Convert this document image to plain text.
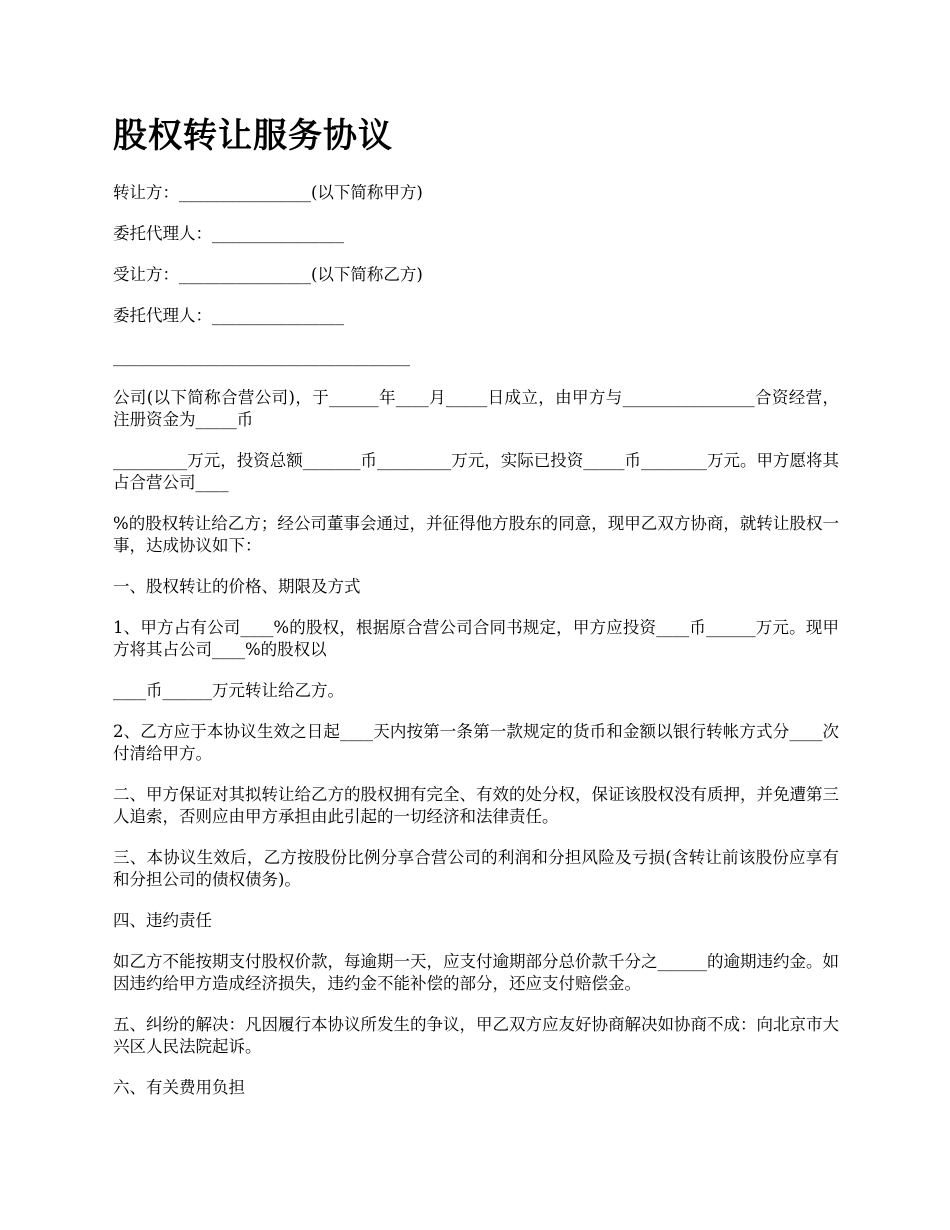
股权转让服务协议

转让方：________________(以下简称甲方)

委托代理人：________________

受让方：________________(以下简称乙方)

委托代理人：________________

____________________________________

公司(以下简称合营公司)，于______年____月_____日成立，由甲方与________________合资经营，注册资金为_____币

_________万元，投资总额_______币_________万元，实际已投资_____币________万元。甲方愿将其占合营公司____

%的股权转让给乙方；经公司董事会通过，并征得他方股东的同意，现甲乙双方协商，就转让股权一事，达成协议如下：

一、股权转让的价格、期限及方式

1、甲方占有公司____%的股权，根据原合营公司合同书规定，甲方应投资____币______万元。现甲方将其占公司____%的股权以

____币______万元转让给乙方。

2、乙方应于本协议生效之日起____天内按第一条第一款规定的货币和金额以银行转帐方式分____次付清给甲方。

二、甲方保证对其拟转让给乙方的股权拥有完全、有效的处分权，保证该股权没有质押，并免遭第三人追索，否则应由甲方承担由此引起的一切经济和法律责任。

三、本协议生效后，乙方按股份比例分享合营公司的利润和分担风险及亏损(含转让前该股份应享有和分担公司的债权债务)。

四、违约责任

如乙方不能按期支付股权价款，每逾期一天，应支付逾期部分总价款千分之______的逾期违约金。如因违约给甲方造成经济损失，违约金不能补偿的部分，还应支付赔偿金。

五、纠纷的解决：凡因履行本协议所发生的争议，甲乙双方应友好协商解决如协商不成：向北京市大兴区人民法院起诉。

六、有关费用负担
